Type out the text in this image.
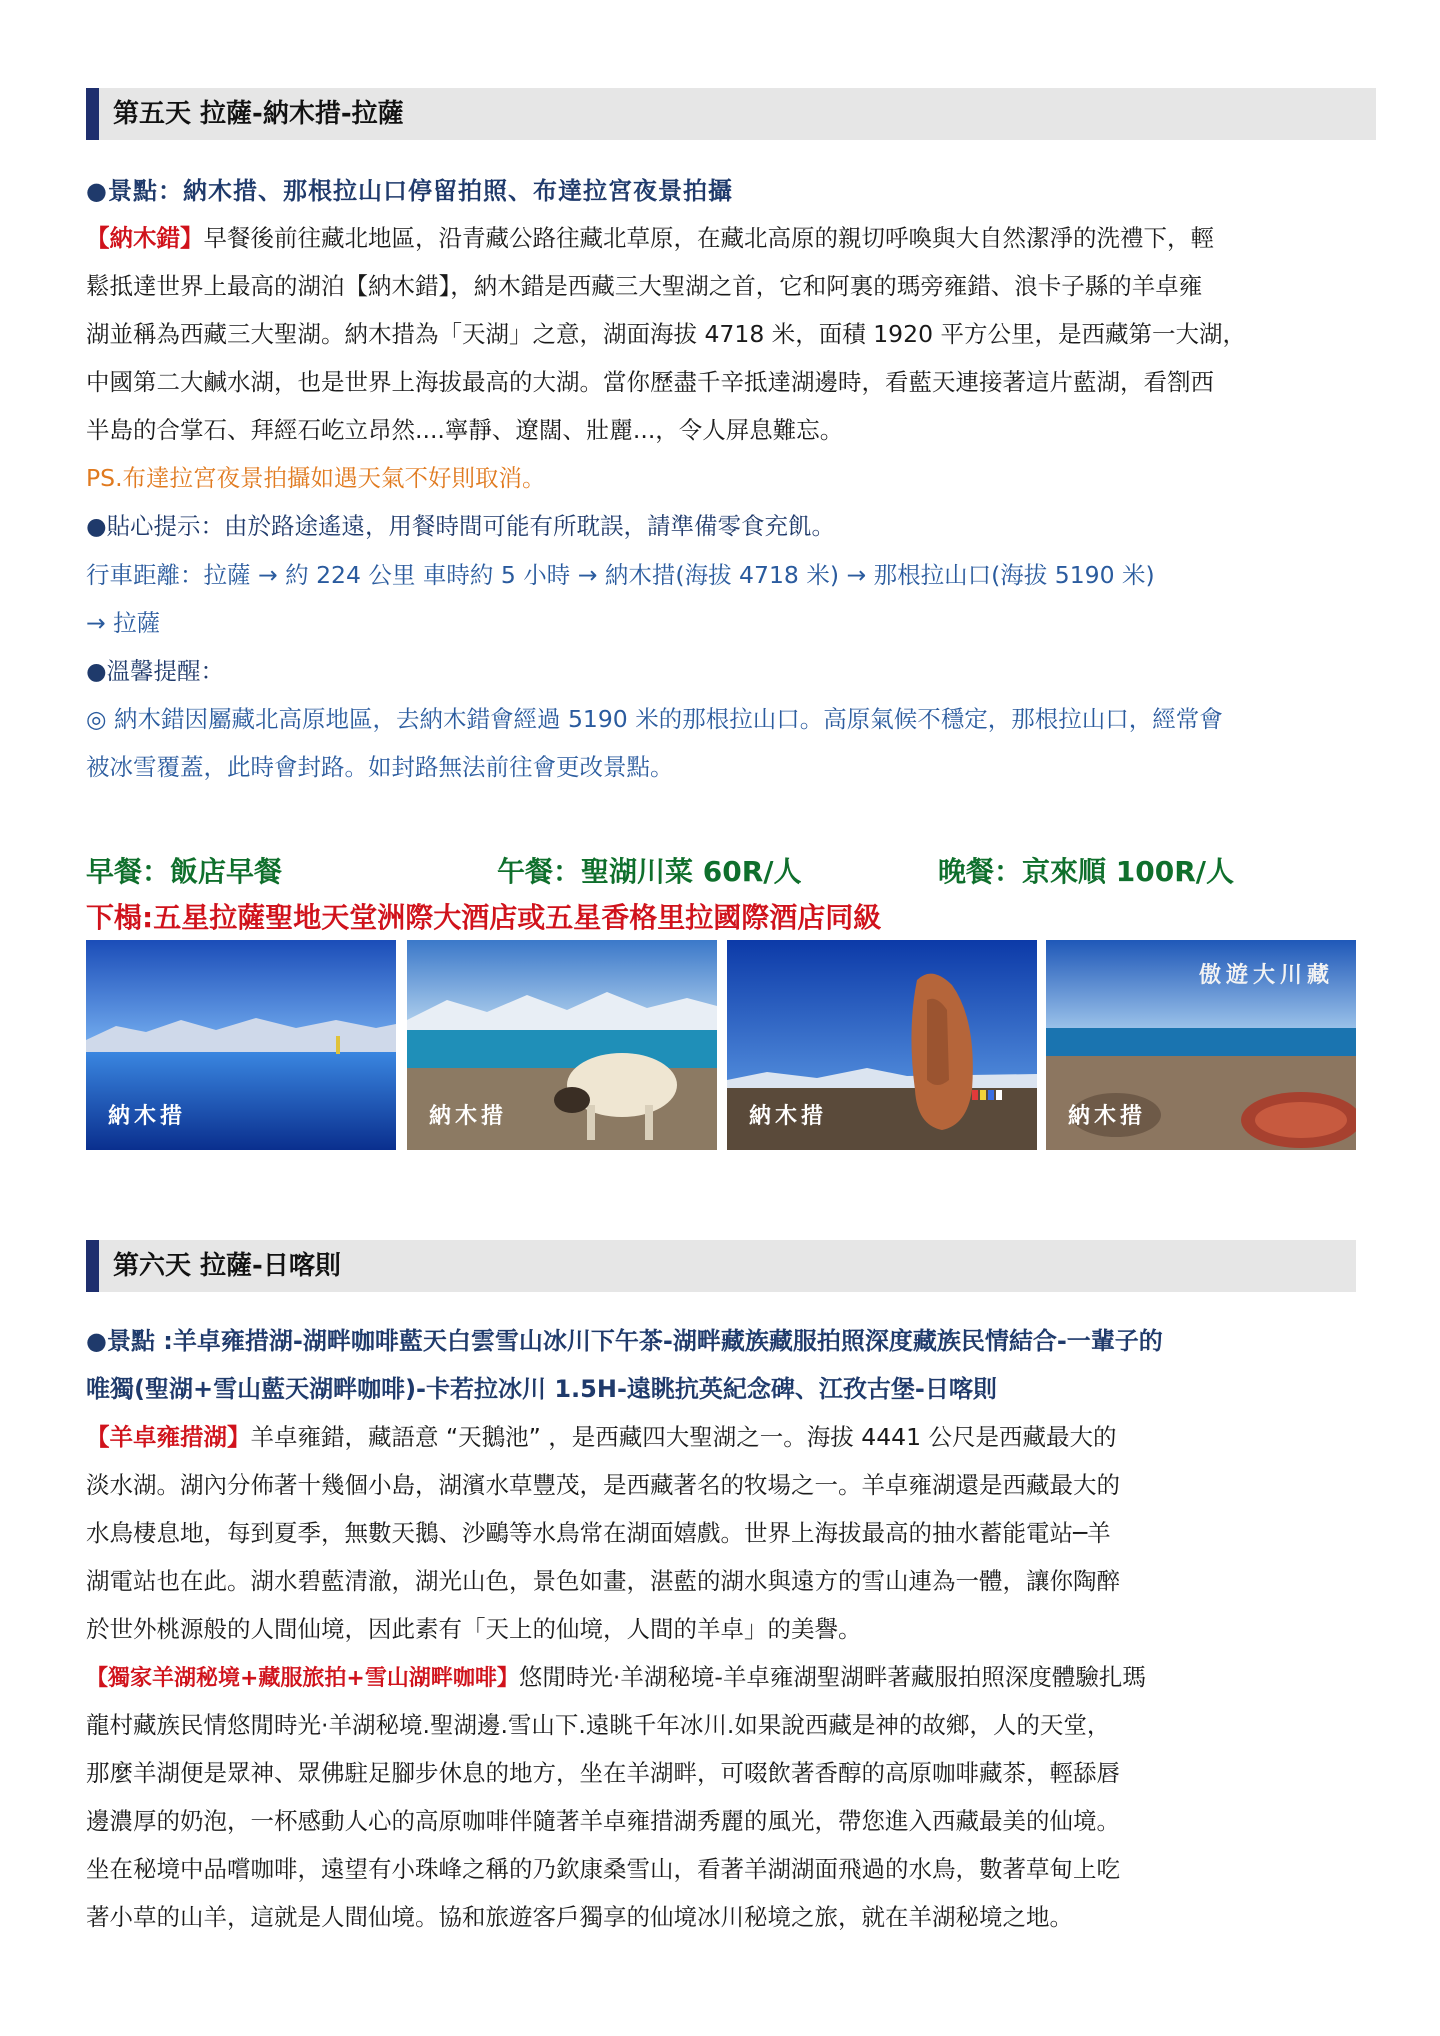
第五天 拉薩-納木措-拉薩
●景點：納木措、那根拉山口停留拍照、布達拉宮夜景拍攝
【納木錯】早餐後前往藏北地區，沿青藏公路往藏北草原，在藏北高原的親切呼喚與大自然潔淨的洗禮下，輕
鬆抵達世界上最高的湖泊【納木錯】，納木錯是西藏三大聖湖之首，它和阿裏的瑪旁雍錯、浪卡子縣的羊卓雍
湖並稱為西藏三大聖湖。納木措為「天湖」之意，湖面海拔 4718 米，面積 1920 平方公里，是西藏第一大湖，
中國第二大鹹水湖，也是世界上海拔最高的大湖。當你歷盡千辛抵達湖邊時，看藍天連接著這片藍湖，看劄西
半島的合掌石、拜經石屹立昂然....寧靜、遼闊、壯麗...，令人屏息難忘。
PS.布達拉宮夜景拍攝如遇天氣不好則取消。
●貼心提示：由於路途遙遠，用餐時間可能有所耽誤，請準備零食充飢。
行車距離：拉薩 → 約 224 公里 車時約 5 小時 → 納木措(海拔 4718 米) → 那根拉山口(海拔 5190 米)
→ 拉薩
●溫馨提醒：
◎ 納木錯因屬藏北高原地區，去納木錯會經過 5190 米的那根拉山口。高原氣候不穩定，那根拉山口，經常會
被冰雪覆蓋，此時會封路。如封路無法前往會更改景點。
早餐：飯店早餐	午餐：聖湖川菜 60R/人	晚餐：京來順 100R/人
下榻:五星拉薩聖地天堂洲際大酒店或五星香格里拉國際酒店同級
納木措	納木措	納木措
傲遊大川藏
納木措
第六天 拉薩-日喀則
●景點 :羊卓雍措湖-湖畔咖啡藍天白雲雪山冰川下午茶-湖畔藏族藏服拍照深度藏族民情結合-一輩子的
唯獨(聖湖+雪山藍天湖畔咖啡)-卡若拉冰川 1.5H-遠眺抗英紀念碑、江孜古堡-日喀則
【羊卓雍措湖】羊卓雍錯，藏語意 “天鵝池” ，是西藏四大聖湖之一。海拔 4441 公尺是西藏最大的
淡水湖。湖內分佈著十幾個小島，湖濱水草豐茂，是西藏著名的牧場之一。羊卓雍湖還是西藏最大的
水鳥棲息地，每到夏季，無數天鵝、沙鷗等水鳥常在湖面嬉戲。世界上海拔最高的抽水蓄能電站─羊
湖電站也在此。湖水碧藍清澈，湖光山色，景色如畫，湛藍的湖水與遠方的雪山連為一體，讓你陶醉
於世外桃源般的人間仙境，因此素有「天上的仙境，人間的羊卓」的美譽。
【獨家羊湖秘境+藏服旅拍+雪山湖畔咖啡】悠閒時光·羊湖秘境-羊卓雍湖聖湖畔著藏服拍照深度體驗扎瑪
龍村藏族民情悠閒時光·羊湖秘境.聖湖邊.雪山下.遠眺千年冰川.如果說西藏是神的故鄉，人的天堂，
那麼羊湖便是眾神、眾佛駐足腳步休息的地方，坐在羊湖畔，可啜飲著香醇的高原咖啡藏茶，輕舔唇
邊濃厚的奶泡，一杯感動人心的高原咖啡伴隨著羊卓雍措湖秀麗的風光，帶您進入西藏最美的仙境。
坐在秘境中品嚐咖啡，遠望有小珠峰之稱的乃欽康桑雪山，看著羊湖湖面飛過的水鳥，數著草甸上吃
著小草的山羊，這就是人間仙境。協和旅遊客戶獨享的仙境冰川秘境之旅，就在羊湖秘境之地。
